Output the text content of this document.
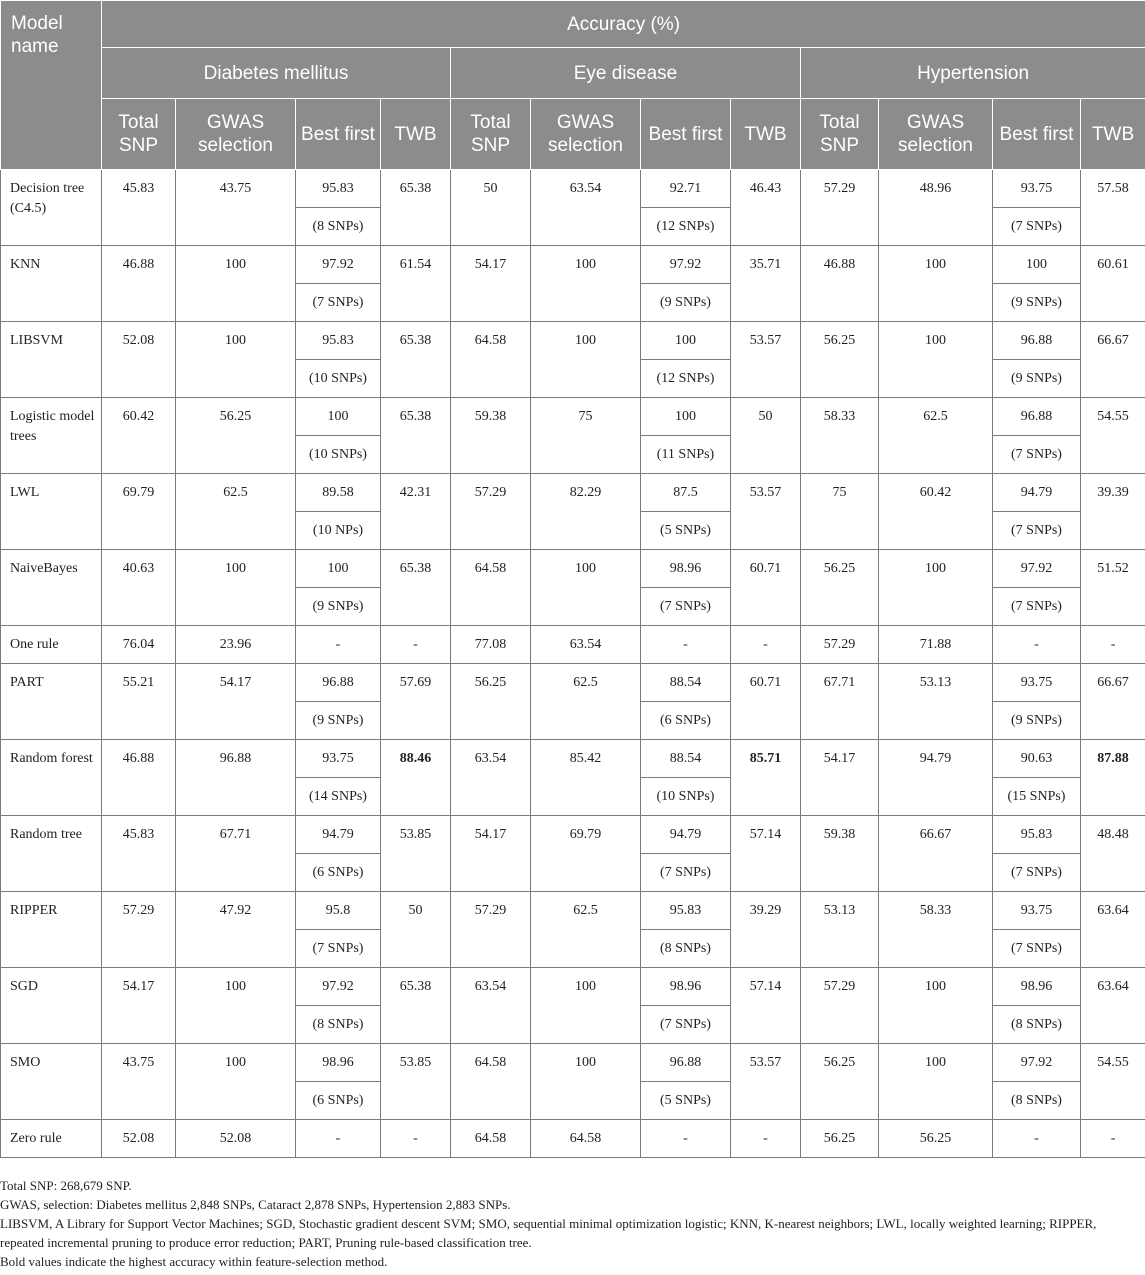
Model name	Accuracy (%)											
	Diabetes mellitus				Eye disease				Hypertension			
	Total SNP	GWAS selection	Best first	TWB	Total SNP	GWAS selection	Best first	TWB	Total SNP	GWAS selection	Best first	TWB
Decision tree (C4.5)	45.83	43.75	95.83	65.38	50	63.54	92.71	46.43	57.29	48.96	93.75	57.58
			(8 SNPs)				(12 SNPs)				(7 SNPs)	
KNN	46.88	100	97.92	61.54	54.17	100	97.92	35.71	46.88	100	100	60.61
			(7 SNPs)				(9 SNPs)				(9 SNPs)	
LIBSVM	52.08	100	95.83	65.38	64.58	100	100	53.57	56.25	100	96.88	66.67
			(10 SNPs)				(12 SNPs)				(9 SNPs)	
Logistic model trees	60.42	56.25	100	65.38	59.38	75	100	50	58.33	62.5	96.88	54.55
			(10 SNPs)				(11 SNPs)				(7 SNPs)	
LWL	69.79	62.5	89.58	42.31	57.29	82.29	87.5	53.57	75	60.42	94.79	39.39
			(10 NPs)				(5 SNPs)				(7 SNPs)	
NaiveBayes	40.63	100	100	65.38	64.58	100	98.96	60.71	56.25	100	97.92	51.52
			(9 SNPs)				(7 SNPs)				(7 SNPs)	
One rule	76.04	23.96	-	-	77.08	63.54	-	-	57.29	71.88	-	-
PART	55.21	54.17	96.88	57.69	56.25	62.5	88.54	60.71	67.71	53.13	93.75	66.67
			(9 SNPs)				(6 SNPs)				(9 SNPs)	
Random forest	46.88	96.88	93.75	88.46	63.54	85.42	88.54	85.71	54.17	94.79	90.63	87.88
			(14 SNPs)				(10 SNPs)				(15 SNPs)	
Random tree	45.83	67.71	94.79	53.85	54.17	69.79	94.79	57.14	59.38	66.67	95.83	48.48
			(6 SNPs)				(7 SNPs)				(7 SNPs)	
RIPPER	57.29	47.92	95.8	50	57.29	62.5	95.83	39.29	53.13	58.33	93.75	63.64
			(7 SNPs)				(8 SNPs)				(7 SNPs)	
SGD	54.17	100	97.92	65.38	63.54	100	98.96	57.14	57.29	100	98.96	63.64
			(8 SNPs)				(7 SNPs)				(8 SNPs)	
SMO	43.75	100	98.96	53.85	64.58	100	96.88	53.57	56.25	100	97.92	54.55
			(6 SNPs)				(5 SNPs)				(8 SNPs)	
Zero rule	52.08	52.08	-	-	64.58	64.58	-	-	56.25	56.25	-	-

Total SNP: 268,679 SNP.

GWAS, selection: Diabetes mellitus 2,848 SNPs, Cataract 2,878 SNPs, Hypertension 2,883 SNPs.

LIBSVM, A Library for Support Vector Machines; SGD, Stochastic gradient descent SVM; SMO, sequential minimal optimization logistic; KNN, K-nearest neighbors; LWL, locally weighted learning; RIPPER, repeated incremental pruning to produce error reduction; PART, Pruning rule-based classification tree.

Bold values indicate the highest accuracy within feature-selection method.
